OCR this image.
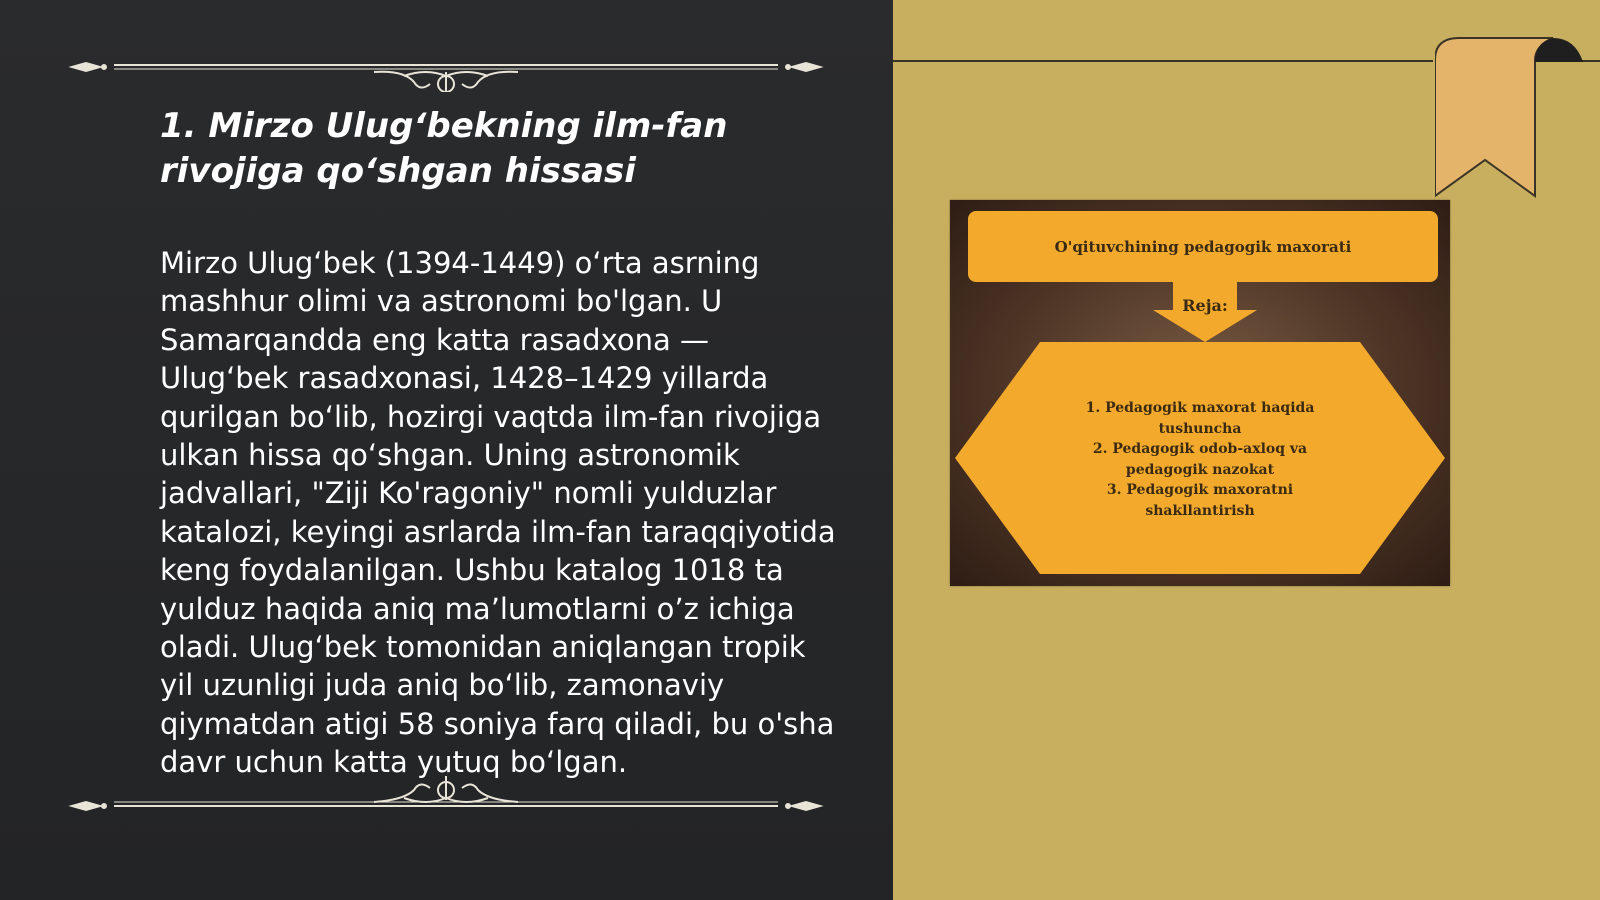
1. Mirzo Ulug‘bekning ilm-fan rivojiga qo‘shgan hissasi

Mirzo Ulug‘bek (1394-1449) o‘rta asrning mashhur olimi va astronomi bo'lgan. U Samarqandda eng katta rasadxona — Ulug‘bek rasadxonasi, 1428–1429 yillarda qurilgan bo‘lib, hozirgi vaqtda ilm-fan rivojiga ulkan hissa qo‘shgan. Uning astronomik jadvallari, "Ziji Ko'ragoniy" nomli yulduzlar katalozi, keyingi asrlarda ilm-fan taraqqiyotida keng foydalanilgan. Ushbu katalog 1018 ta yulduz haqida aniq ma’lumotlarni o’z ichiga oladi. Ulug‘bek tomonidan aniqlangan tropik yil uzunligi juda aniq bo‘lib, zamonaviy qiymatdan atigi 58 soniya farq qiladi, bu o'sha davr uchun katta yutuq bo‘lgan.

O'qituvchining pedagogik maxorati
Reja:
1. Pedagogik maxorat haqida
tushuncha
2. Pedagogik odob-axloq va
pedagogik nazokat
3. Pedagogik maxoratni
shakllantirish
